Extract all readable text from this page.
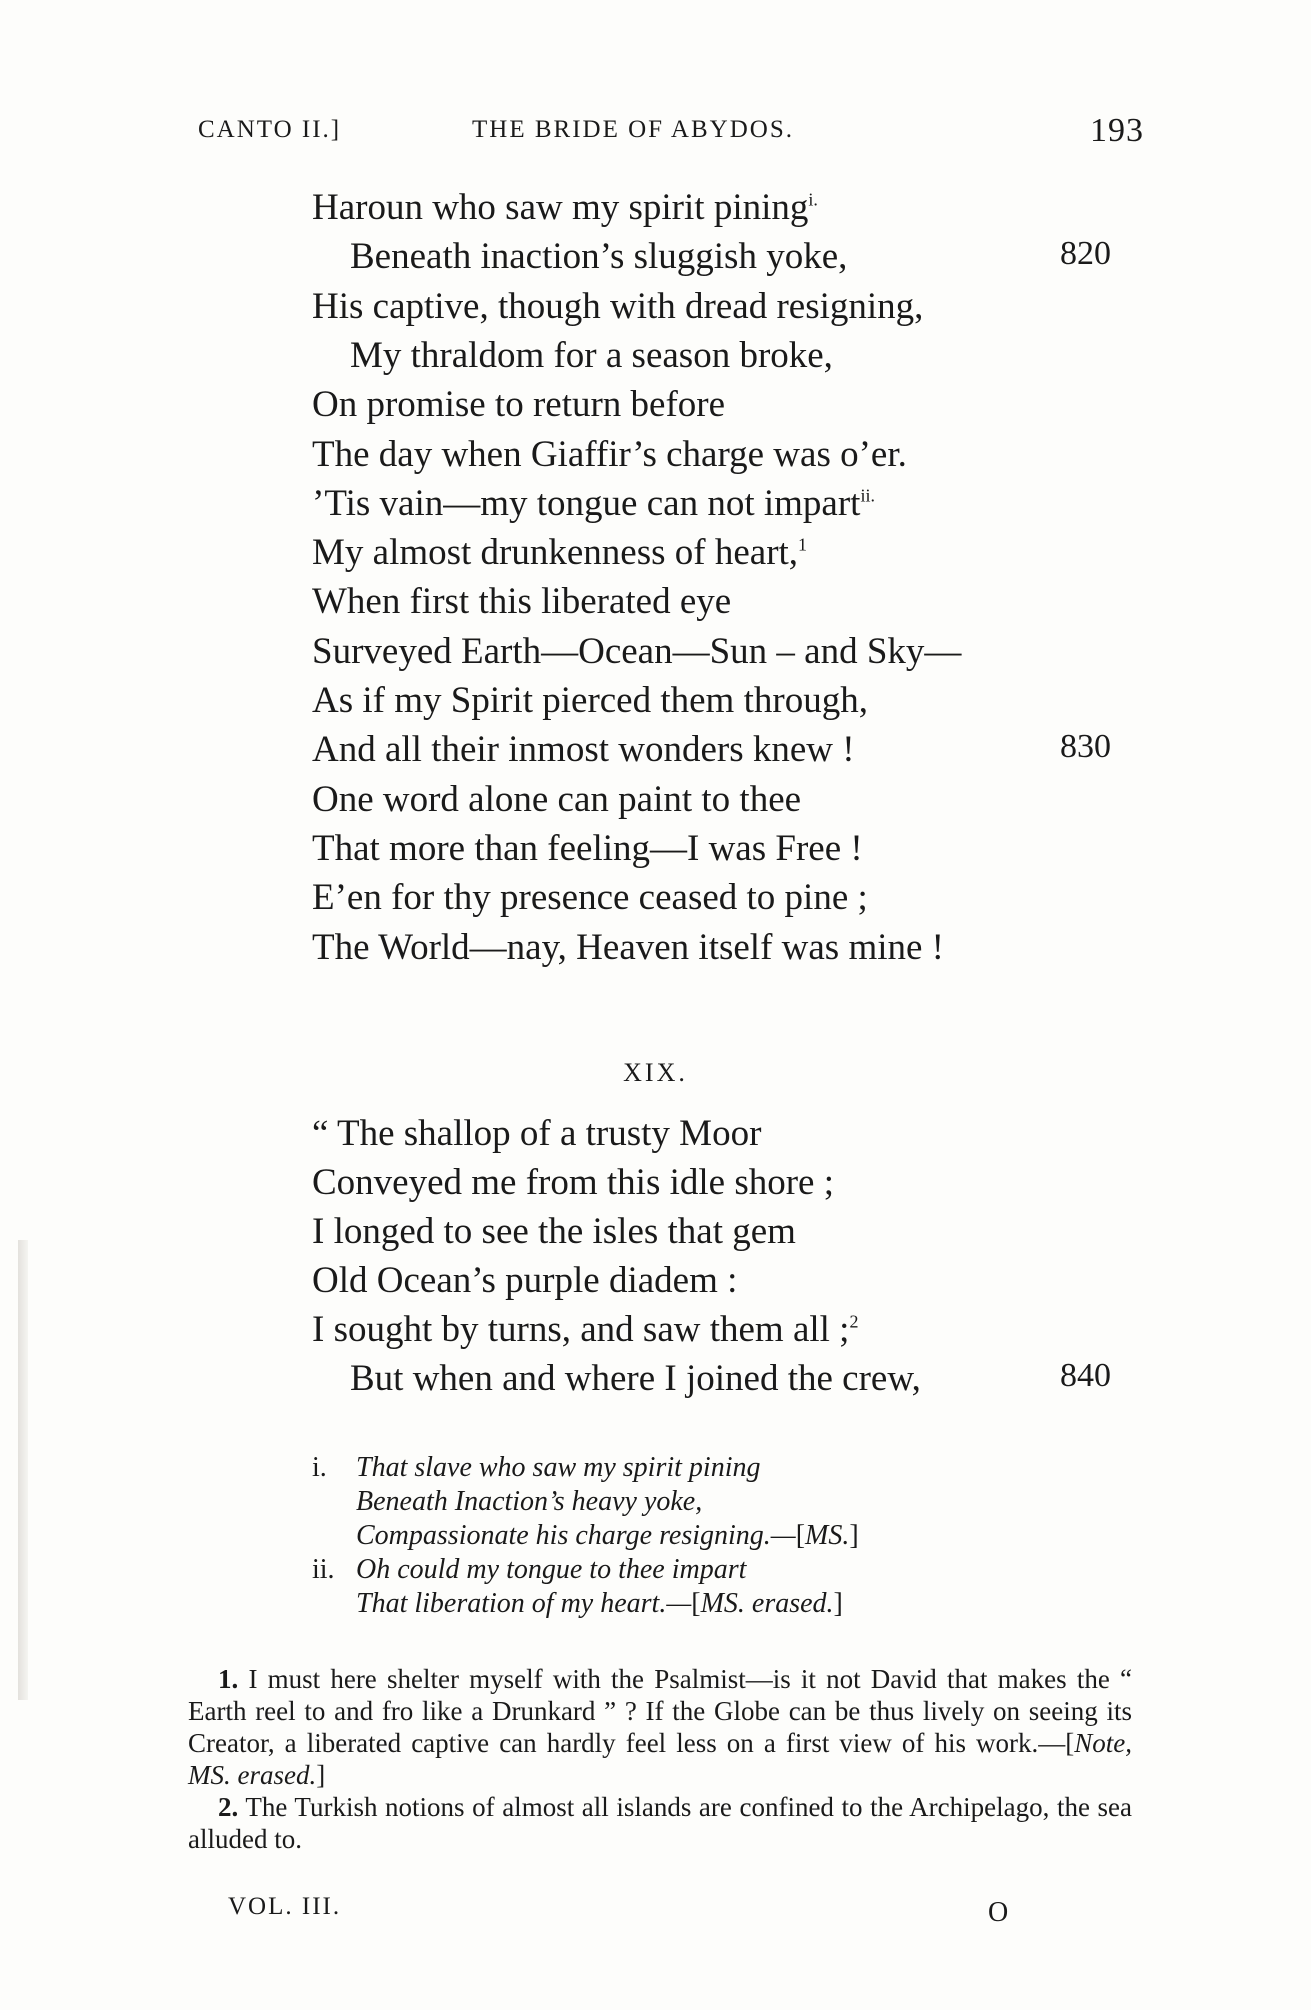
CANTO II.]	THE BRIDE OF ABYDOS.	193
Haroun who saw my spirit pining$^{i.}$
Beneath inaction’s sluggish yoke,	820
His captive, though with dread resigning,
My thraldom for a season broke,
On promise to return before
The day when Giaffir’s charge was o’er.
’Tis vain—my tongue can not impart$^{ii.}$
My almost drunkenness of heart,$^1$
When first this liberated eye
Surveyed Earth—Ocean—Sun – and Sky—
As if my Spirit pierced them through,
And all their inmost wonders knew !	830
One word alone can paint to thee
That more than feeling—I was Free !
E’en for thy presence ceased to pine ;
The World—nay, Heaven itself was mine !
XIX.
“ The shallop of a trusty Moor
Conveyed me from this idle shore ;
I longed to see the isles that gem
Old Ocean’s purple diadem :
I sought by turns, and saw them all ;$^2$
But when and where I joined the crew,	840
i. That slave who saw my spirit pining
Beneath Inaction’s heavy yoke,
Compassionate his charge resigning.—[MS.]
ii. Oh could my tongue to thee impart
That liberation of my heart.—[MS. erased.]
1. I must here shelter myself with the Psalmist—is it not David that makes the “ Earth reel to and fro like a Drunkard ” ? If the Globe can be thus lively on seeing its Creator, a liberated captive can hardly feel less on a first view of his work.—[Note, MS. erased.]
2. The Turkish notions of almost all islands are confined to the Archipelago, the sea alluded to.
VOL. III.	O
